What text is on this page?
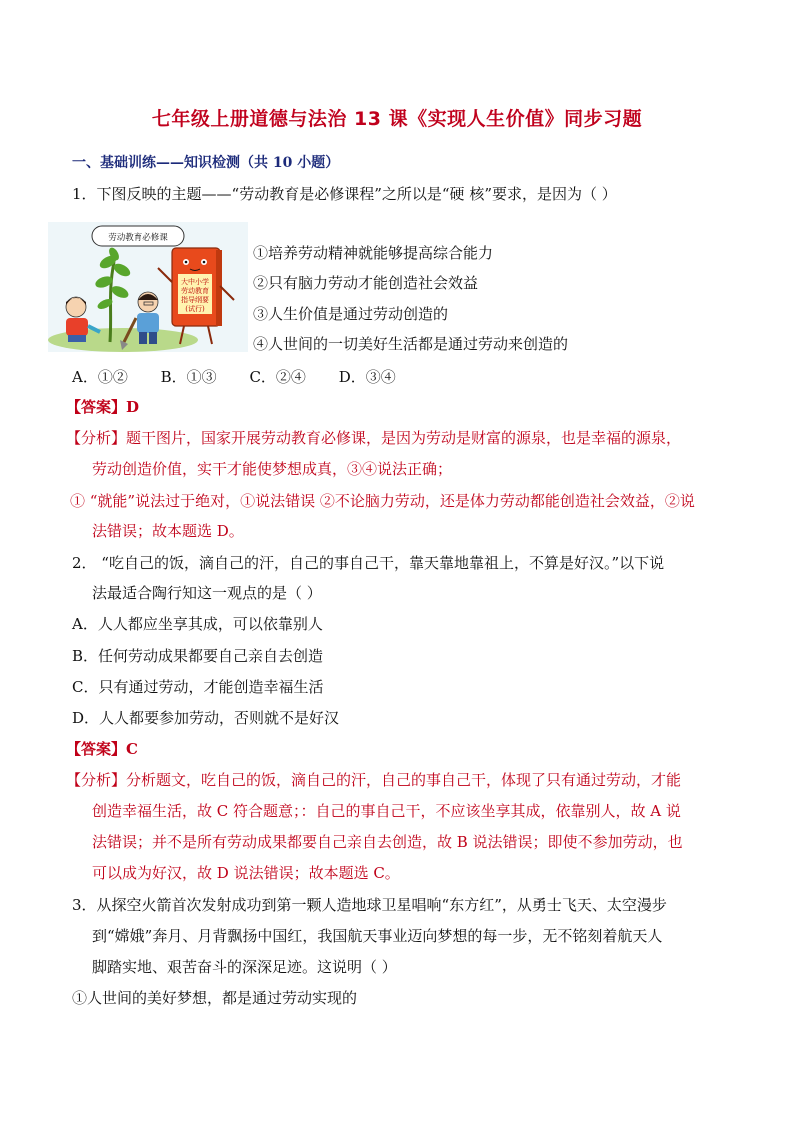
七年级上册道德与法治 13 课《实现人生价值》同步习题
一、基础训练——知识检测（共 10 小题）
1．下图反映的主题——“劳动教育是必修课程”之所以是“硬 核”要求，是因为（ ）
劳动教育必修课
大中小学
劳动教育
指导纲要
(试行)
①培养劳动精神就能够提高综合能力
②只有脑力劳动才能创造社会效益
③人生价值是通过劳动创造的
④人世间的一切美好生活都是通过劳动来创造的
A．①② B．①③ C．②④ D．③④
【答案】D
【分析】题干图片，国家开展劳动教育必修课，是因为劳动是财富的源泉，也是幸福的源泉，
劳动创造价值，实干才能使梦想成真，③④说法正确；
① “就能”说法过于绝对，①说法错误 ②不论脑力劳动，还是体力劳动都能创造社会效益，②说
法错误；故本题选 D。
2． “吃自己的饭，滴自己的汗，自己的事自己干，靠天靠地靠祖上，不算是好汉。”以下说
法最适合陶行知这一观点的是（ ）
A．人人都应坐享其成，可以依靠别人
B．任何劳动成果都要自己亲自去创造
C．只有通过劳动，才能创造幸福生活
D．人人都要参加劳动，否则就不是好汉
【答案】C
【分析】分析题文，吃自己的饭，滴自己的汗，自己的事自己干，体现了只有通过劳动，才能
创造幸福生活，故 C 符合题意；：自己的事自己干，不应该坐享其成，依靠别人，故 A 说
法错误；并不是所有劳动成果都要自己亲自去创造，故 B 说法错误；即使不参加劳动，也
可以成为好汉，故 D 说法错误；故本题选 C。
3．从探空火箭首次发射成功到第一颗人造地球卫星唱响“东方红”，从勇士飞天、太空漫步
到“嫦娥”奔月、月背飘扬中国红，我国航天事业迈向梦想的每一步，无不铭刻着航天人
脚踏实地、艰苦奋斗的深深足迹。这说明（ ）
①人世间的美好梦想，都是通过劳动实现的
